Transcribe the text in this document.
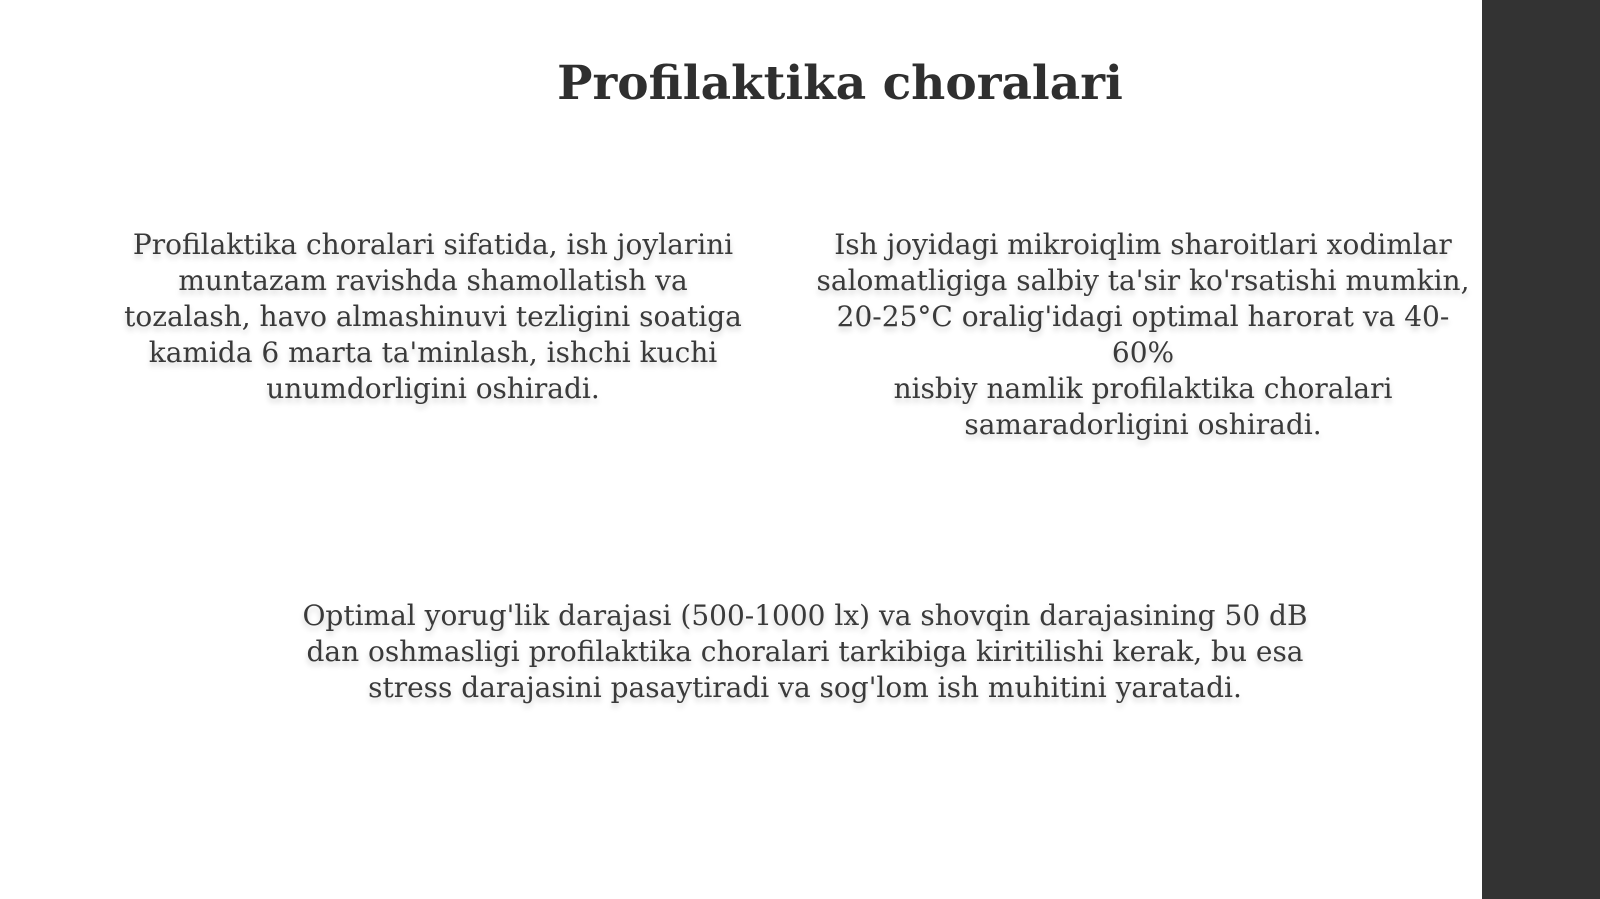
Profilaktika choralari

Profilaktika choralari sifatida, ish joylarini
muntazam ravishda shamollatish va
tozalash, havo almashinuvi tezligini soatiga
kamida 6 marta ta'minlash, ishchi kuchi
unumdorligini oshiradi.

Ish joyidagi mikroiqlim sharoitlari xodimlar
salomatligiga salbiy ta'sir ko'rsatishi mumkin,
20-25°C oralig'idagi optimal harorat va 40-60%
nisbiy namlik profilaktika choralari
samaradorligini oshiradi.

Optimal yorug'lik darajasi (500-1000 lx) va shovqin darajasining 50 dB
dan oshmasligi profilaktika choralari tarkibiga kiritilishi kerak, bu esa
stress darajasini pasaytiradi va sog'lom ish muhitini yaratadi.
